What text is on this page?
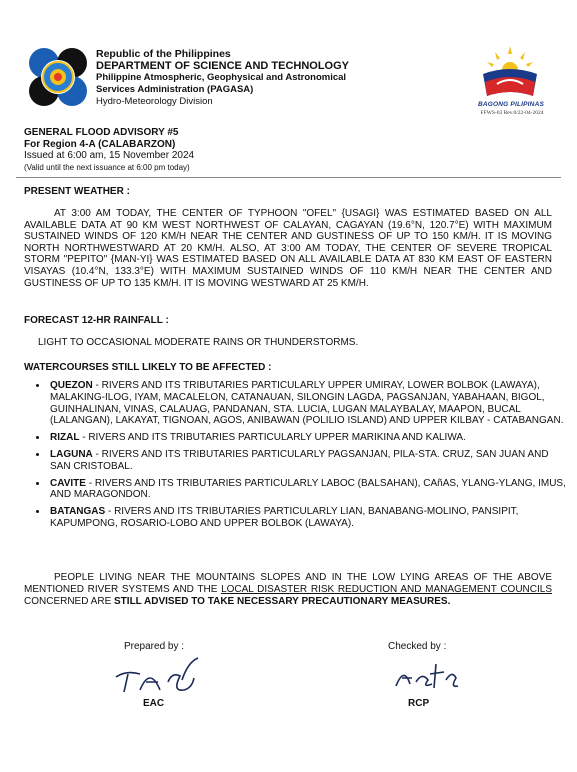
Republic of the Philippines
DEPARTMENT OF SCIENCE AND TECHNOLOGY
Philippine Atmospheric, Geophysical and Astronomical
Services Administration (PAGASA)
Hydro-Meteorology Division	BAGONG PILIPINAS
FFWS-03 Rev.0/22-04-2024
GENERAL FLOOD ADVISORY #5
For Region 4-A (CALABARZON)
Issued at 6:00 am, 15 November 2024
(Valid until the next issuance at 6:00 pm today)
PRESENT WEATHER :
AT 3:00 AM TODAY, THE CENTER OF TYPHOON "OFEL" {USAGI} WAS ESTIMATED BASED ON ALL AVAILABLE DATA AT 90 KM WEST NORTHWEST OF CALAYAN, CAGAYAN (19.6°N, 120.7°E) WITH MAXIMUM SUSTAINED WINDS OF 120 KM/H NEAR THE CENTER AND GUSTINESS OF UP TO 150 KM/H. IT IS MOVING NORTH NORTHWESTWARD AT 20 KM/H. ALSO, AT 3:00 AM TODAY, THE CENTER OF SEVERE TROPICAL STORM "PEPITO" {MAN-YI} WAS ESTIMATED BASED ON ALL AVAILABLE DATA AT 830 KM EAST OF EASTERN VISAYAS (10.4°N, 133.3°E) WITH MAXIMUM SUSTAINED WINDS OF 110 KM/H NEAR THE CENTER AND GUSTINESS OF UP TO 135 KM/H. IT IS MOVING WESTWARD AT 25 KM/H.
FORECAST 12-HR RAINFALL :
LIGHT TO OCCASIONAL MODERATE RAINS OR THUNDERSTORMS.
WATERCOURSES STILL LIKELY TO BE AFFECTED :
• QUEZON - RIVERS AND ITS TRIBUTARIES PARTICULARLY UPPER UMIRAY, LOWER BOLBOK (LAWAYA), MALAKING-ILOG, IYAM, MACALELON, CATANAUAN, SILONGIN LAGDA, PAGSANJAN, YABAHAAN, BIGOL, GUINHALINAN, VINAS, CALAUAG, PANDANAN, STA. LUCIA, LUGAN MALAYBALAY, MAAPON, BUCAL (LALANGAN), LAKAYAT, TIGNOAN, AGOS, ANIBAWAN (POLILIO ISLAND) AND UPPER KILBAY - CATABANGAN.
• RIZAL - RIVERS AND ITS TRIBUTARIES PARTICULARLY UPPER MARIKINA AND KALIWA.
• LAGUNA - RIVERS AND ITS TRIBUTARIES PARTICULARLY PAGSANJAN, PILA-STA. CRUZ, SAN JUAN AND SAN CRISTOBAL.
• CAVITE - RIVERS AND ITS TRIBUTARIES PARTICULARLY LABOC (BALSAHAN), CAñAS, YLANG-YLANG, IMUS, AND MARAGONDON.
• BATANGAS - RIVERS AND ITS TRIBUTARIES PARTICULARLY LIAN, BANABANG-MOLINO, PANSIPIT, KAPUMPONG, ROSARIO-LOBO AND UPPER BOLBOK (LAWAYA).
PEOPLE LIVING NEAR THE MOUNTAINS SLOPES AND IN THE LOW LYING AREAS OF THE ABOVE MENTIONED RIVER SYSTEMS AND THE LOCAL DISASTER RISK REDUCTION AND MANAGEMENT COUNCILS CONCERNED ARE STILL ADVISED TO TAKE NECESSARY PRECAUTIONARY MEASURES.
Prepared by :
EAC
Checked by :
RCP
